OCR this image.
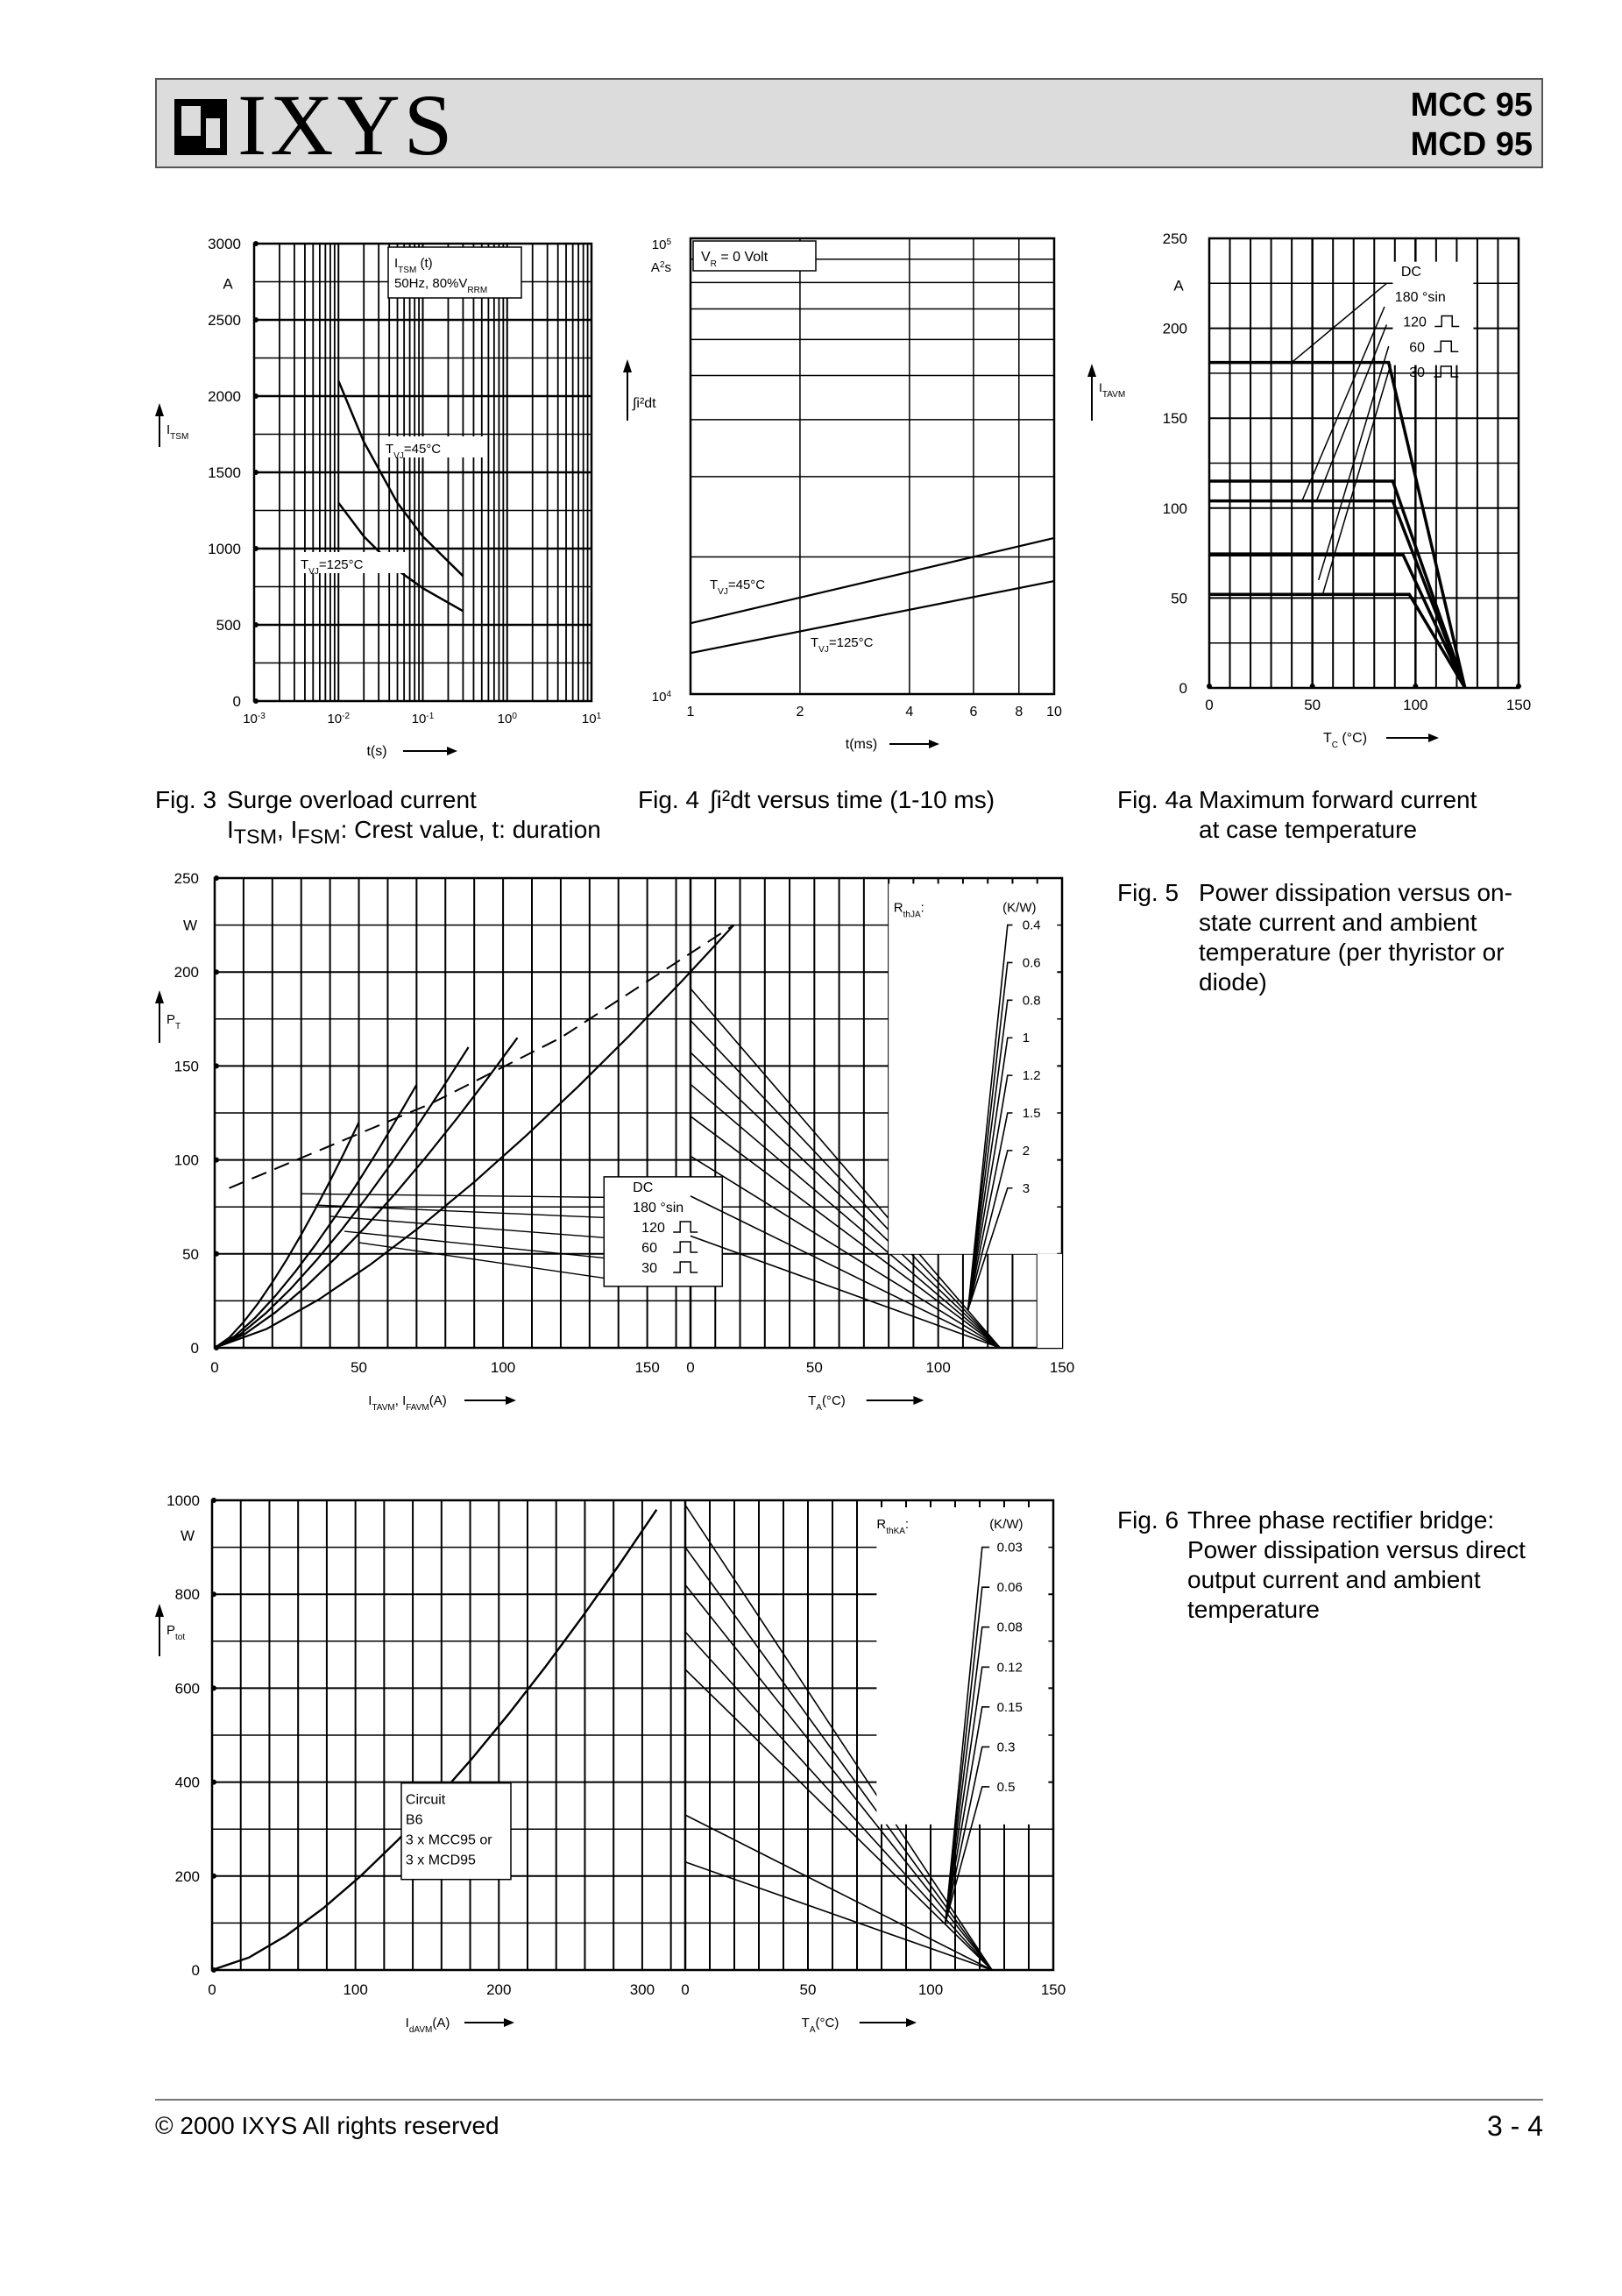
IXYS	MCC 95
MCD 95
0
500
1000
1500
2000
2500
3000
A
$I_{TSM}$
$10^{-3}$	$10^{-2}$	$10^{-1}$	$10^0$	$10^1$
t(s)
$I_{TSM}$ (t)
50Hz, $80\%V_{RRM}$
$T_{VJ}=45^\circ C$
$T_{VJ}=125^\circ C$
Fig. 3 Surge overload current
$I_{TSM}$, $I_{FSM}$: Crest value, t: duration
1	2	4	6	8 10
$10^5$
$A^2s$
$10^4$
∫i²dt
t(ms)
$V_R = 0$ Volt
$T_{VJ}=45^\circ C$
$T_{VJ}=125^\circ C$
Fig. 4 ∫i²dt versus time (1-10 ms)
0
50
100
150
200
250
A
0	50	100	150
$I_{TAVM}$
$T_C$ (°C)
DC
180 °sin
120
60
30
Fig. 4a Maximum forward current
at case temperature
0
50
100
150
200
250
W
$P_T$
0	50	100	150 0	50	100	150
$I_{TAVM}$, $I_{FAVM}(A)$	$T_A(^\circ C)$
DC
180 °sin
120
60
30
$R_{thJA}$:	(K/W)
0.4
0.6
0.8
1
1.2
1.5
2
3
Fig. 5 Power dissipation versus on-
state current and ambient
temperature (per thyristor or
diode)
0
200
400
600
800
1000
W
$P_{tot}$
0	100	200	300 0	50	100	150
$I_{dAVM}(A)$	$T_A(^\circ C)$
Circuit
B6
3 x MCC95 or
3 x MCD95
$R_{thKA}$:	(K/W)
0.03
0.06
0.08
0.12
0.15
0.3
0.5
Fig. 6 Three phase rectifier bridge:
Power dissipation versus direct
output current and ambient
temperature
© 2000 IXYS All rights reserved	3 - 4
